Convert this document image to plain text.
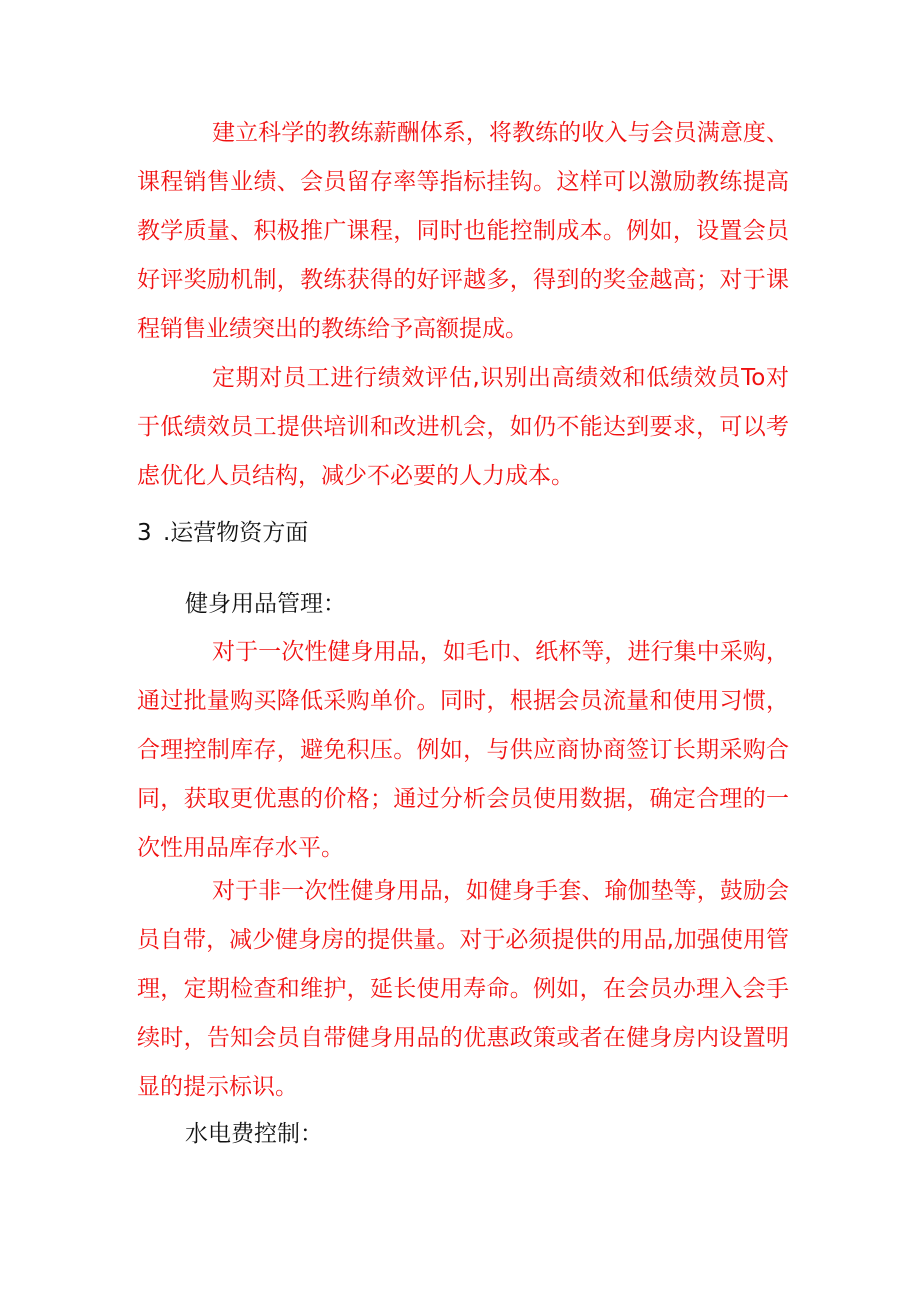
建立科学的教练薪酬体系，将教练的收入与会员满意度、课程销售业绩、会员留存率等指标挂钩。这样可以激励教练提高教学质量、积极推广课程，同时也能控制成本。例如，设置会员好评奖励机制，教练获得的好评越多，得到的奖金越高；对于课程销售业绩突出的教练给予高额提成。

定期对员工进行绩效评估,识别出高绩效和低绩效员To对于低绩效员工提供培训和改进机会，如仍不能达到要求，可以考虑优化人员结构，减少不必要的人力成本。

3 .运营物资方面

健身用品管理：

对于一次性健身用品，如毛巾、纸杯等，进行集中采购，通过批量购买降低采购单价。同时，根据会员流量和使用习惯，合理控制库存，避免积压。例如，与供应商协商签订长期采购合同，获取更优惠的价格；通过分析会员使用数据，确定合理的一次性用品库存水平。

对于非一次性健身用品，如健身手套、瑜伽垫等，鼓励会员自带，减少健身房的提供量。对于必须提供的用品,加强使用管理，定期检查和维护，延长使用寿命。例如，在会员办理入会手续时，告知会员自带健身用品的优惠政策或者在健身房内设置明显的提示标识。

水电费控制：
